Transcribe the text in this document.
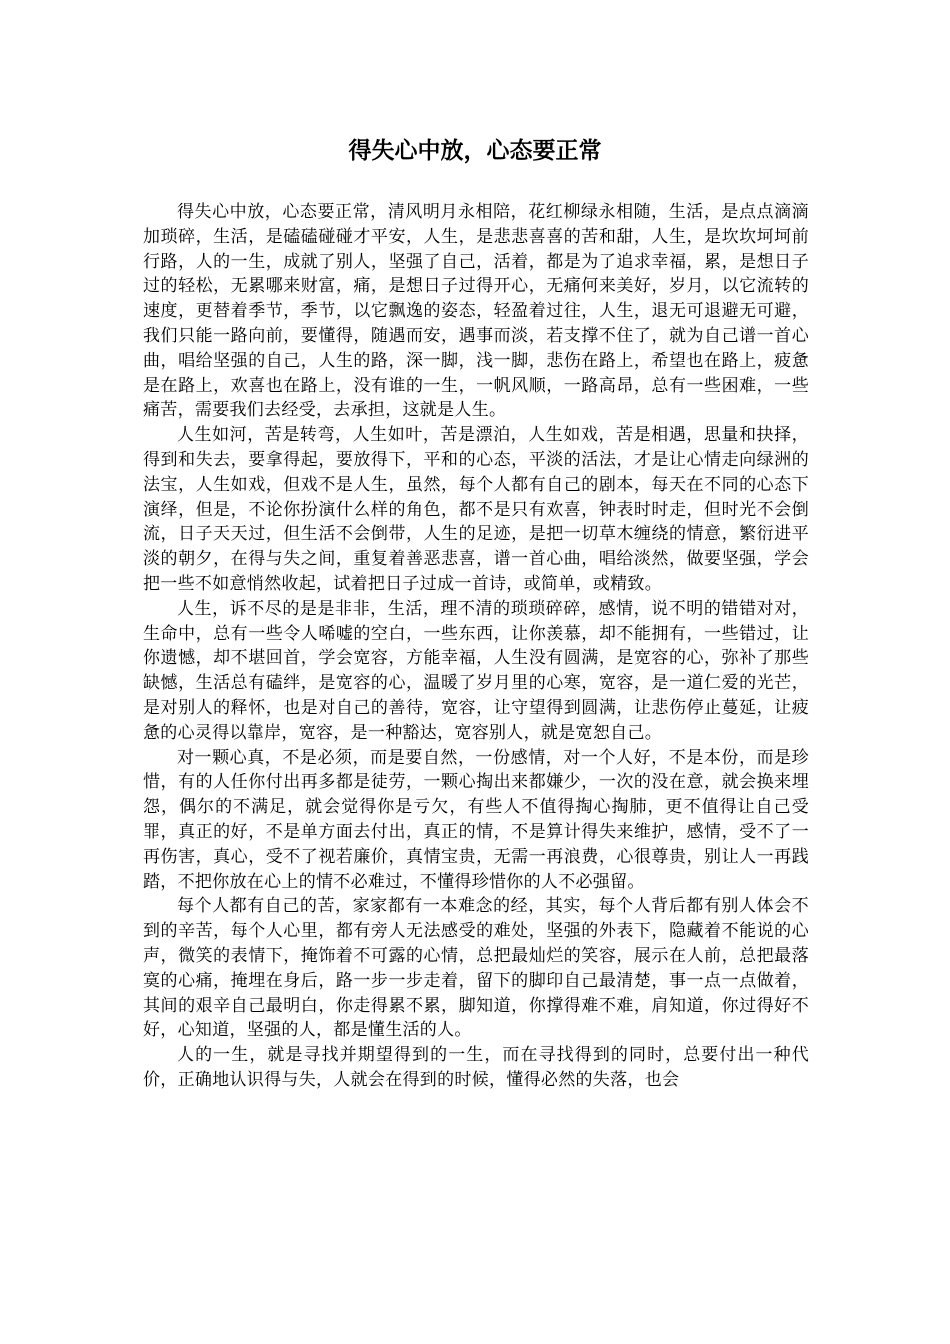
得失心中放，心态要正常

得失心中放，心态要正常，清风明月永相陪，花红柳绿永相随，生活，是点点滴滴加琐碎，生活，是磕磕碰碰才平安，人生，是悲悲喜喜的苦和甜，人生，是坎坎坷坷前行路，人的一生，成就了别人，坚强了自己，活着，都是为了追求幸福，累，是想日子过的轻松，无累哪来财富，痛，是想日子过得开心，无痛何来美好，岁月，以它流转的速度，更替着季节，季节，以它飘逸的姿态，轻盈着过往，人生，退无可退避无可避，我们只能一路向前，要懂得，随遇而安，遇事而淡，若支撑不住了，就为自己谱一首心曲，唱给坚强的自己，人生的路，深一脚，浅一脚，悲伤在路上，希望也在路上，疲惫是在路上，欢喜也在路上，没有谁的一生，一帆风顺，一路高昂，总有一些困难，一些痛苦，需要我们去经受，去承担，这就是人生。

人生如河，苦是转弯，人生如叶，苦是漂泊，人生如戏，苦是相遇，思量和抉择，得到和失去，要拿得起，要放得下，平和的心态，平淡的活法，才是让心情走向绿洲的法宝，人生如戏，但戏不是人生，虽然，每个人都有自己的剧本，每天在不同的心态下演绎，但是，不论你扮演什么样的角色，都不是只有欢喜，钟表时时走，但时光不会倒流，日子天天过，但生活不会倒带，人生的足迹，是把一切草木缠绕的情意，繁衍进平淡的朝夕，在得与失之间，重复着善恶悲喜，谱一首心曲，唱给淡然，做要坚强，学会把一些不如意悄然收起，试着把日子过成一首诗，或简单，或精致。

人生，诉不尽的是是非非，生活，理不清的琐琐碎碎，感情，说不明的错错对对，生命中，总有一些令人唏嘘的空白，一些东西，让你羡慕，却不能拥有，一些错过，让你遗憾，却不堪回首，学会宽容，方能幸福，人生没有圆满，是宽容的心，弥补了那些缺憾，生活总有磕绊，是宽容的心，温暖了岁月里的心寒，宽容，是一道仁爱的光芒，是对别人的释怀，也是对自己的善待，宽容，让守望得到圆满，让悲伤停止蔓延，让疲惫的心灵得以靠岸，宽容，是一种豁达，宽容别人，就是宽恕自己。

对一颗心真，不是必须，而是要自然，一份感情，对一个人好，不是本份，而是珍惜，有的人任你付出再多都是徒劳，一颗心掏出来都嫌少，一次的没在意，就会换来埋怨，偶尔的不满足，就会觉得你是亏欠，有些人不值得掏心掏肺，更不值得让自己受罪，真正的好，不是单方面去付出，真正的情，不是算计得失来维护，感情，受不了一再伤害，真心，受不了视若廉价，真情宝贵，无需一再浪费，心很尊贵，别让人一再践踏，不把你放在心上的情不必难过，不懂得珍惜你的人不必强留。

每个人都有自己的苦，家家都有一本难念的经，其实，每个人背后都有别人体会不到的辛苦，每个人心里，都有旁人无法感受的难处，坚强的外表下，隐藏着不能说的心声，微笑的表情下，掩饰着不可露的心情，总把最灿烂的笑容，展示在人前，总把最落寞的心痛，掩埋在身后，路一步一步走着，留下的脚印自己最清楚，事一点一点做着，其间的艰辛自己最明白，你走得累不累，脚知道，你撑得难不难，肩知道，你过得好不好，心知道，坚强的人，都是懂生活的人。

人的一生，就是寻找并期望得到的一生，而在寻找得到的同时，总要付出一种代价，正确地认识得与失，人就会在得到的时候，懂得必然的失落，也会
